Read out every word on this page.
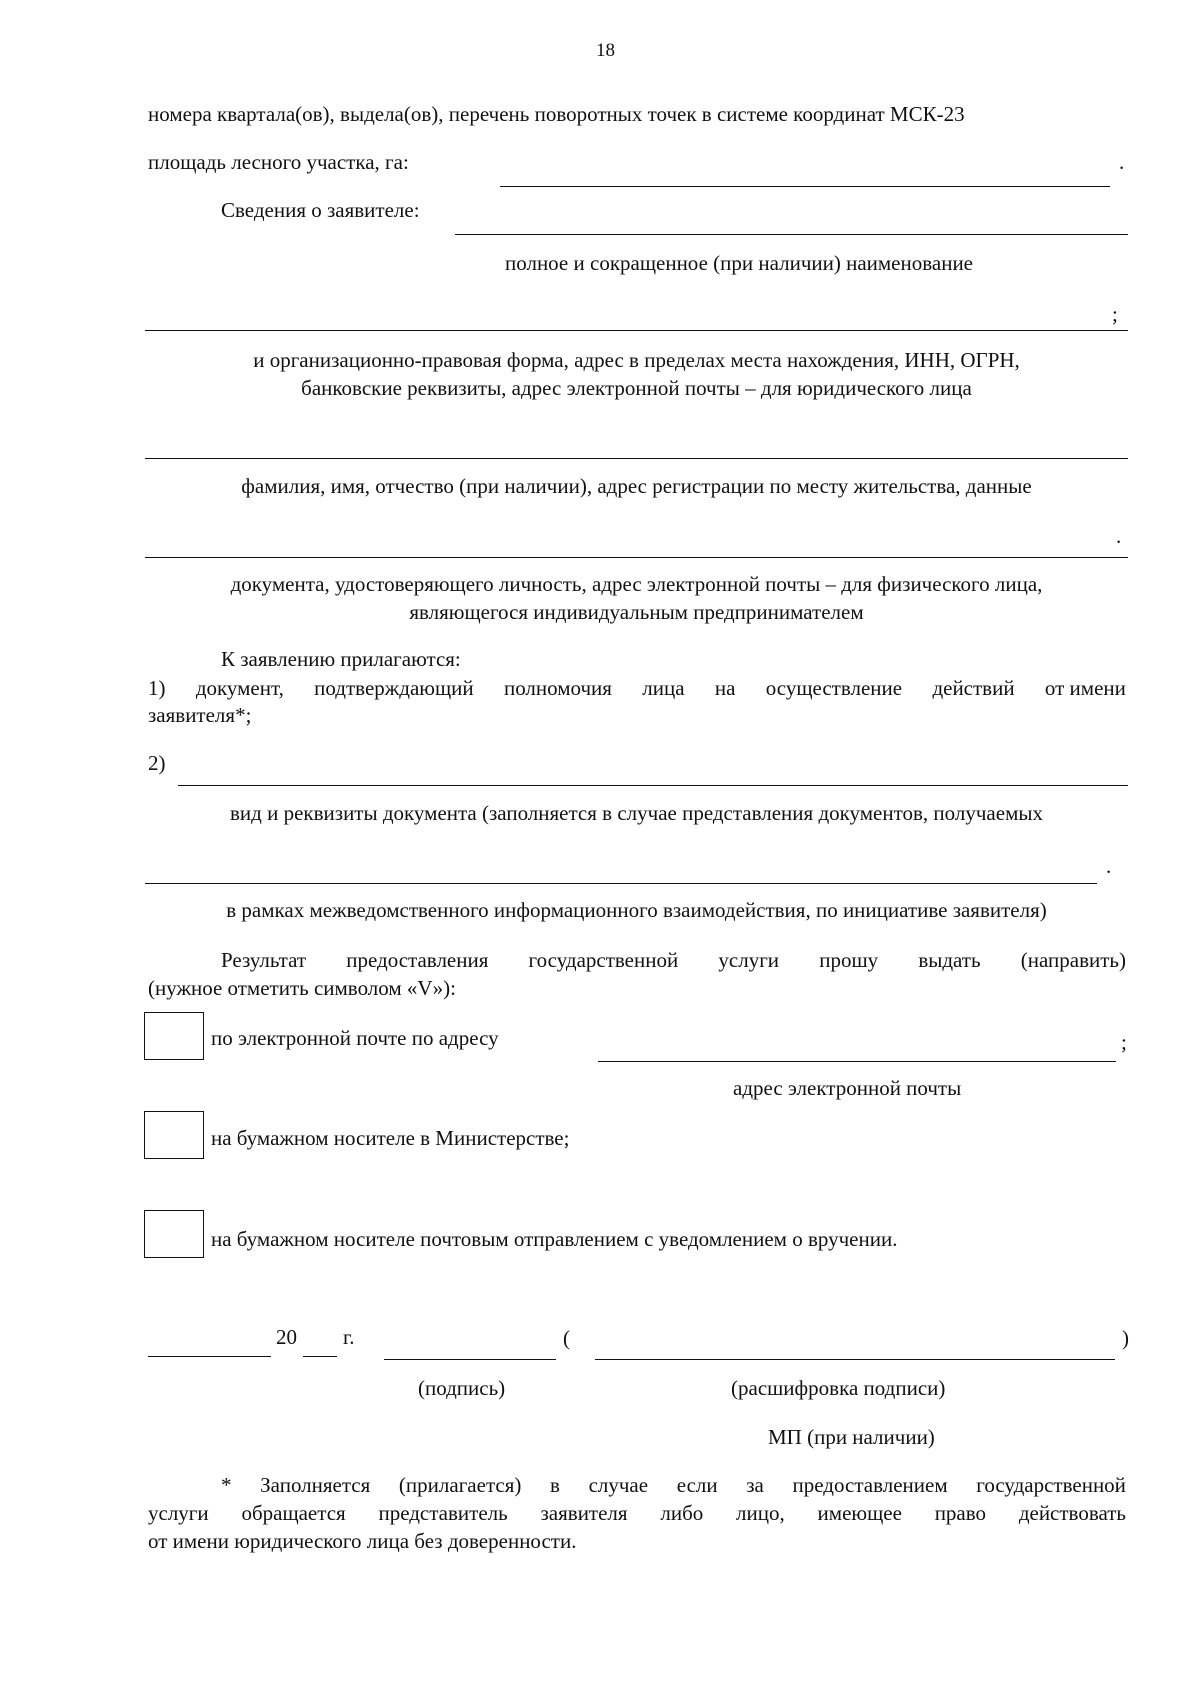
18
номера квартала(ов), выдела(ов), перечень поворотных точек в системе координат МСК-23
площадь лесного участка, га:	.
Сведения о заявителе:
полное и сокращенное (при наличии) наименование
;
и организационно-правовая форма, адрес в пределах места нахождения, ИНН, ОГРН,
банковские реквизиты, адрес электронной почты – для юридического лица
фамилия, имя, отчество (при наличии), адрес регистрации по месту жительства, данные
.
документа, удостоверяющего личность, адрес электронной почты – для физического лица,
являющегося индивидуальным предпринимателем
К заявлению прилагаются:
1) документ, подтверждающий полномочия лица на осуществление действий от имени
заявителя*;
2)
вид и реквизиты документа (заполняется в случае представления документов, получаемых
.
в рамках межведомственного информационного взаимодействия, по инициативе заявителя)
Результат предоставления государственной услуги прошу выдать (направить)
(нужное отметить символом «V»):
по электронной почте по адресу	;
адрес электронной почты
на бумажном носителе в Министерстве;
на бумажном носителе почтовым отправлением с уведомлением о вручении.
20 г.	(	)
(подпись)	(расшифровка подписи)
МП (при наличии)
* Заполняется (прилагается) в случае если за предоставлением государственной
услуги обращается представитель заявителя либо лицо, имеющее право действовать
от имени юридического лица без доверенности.
